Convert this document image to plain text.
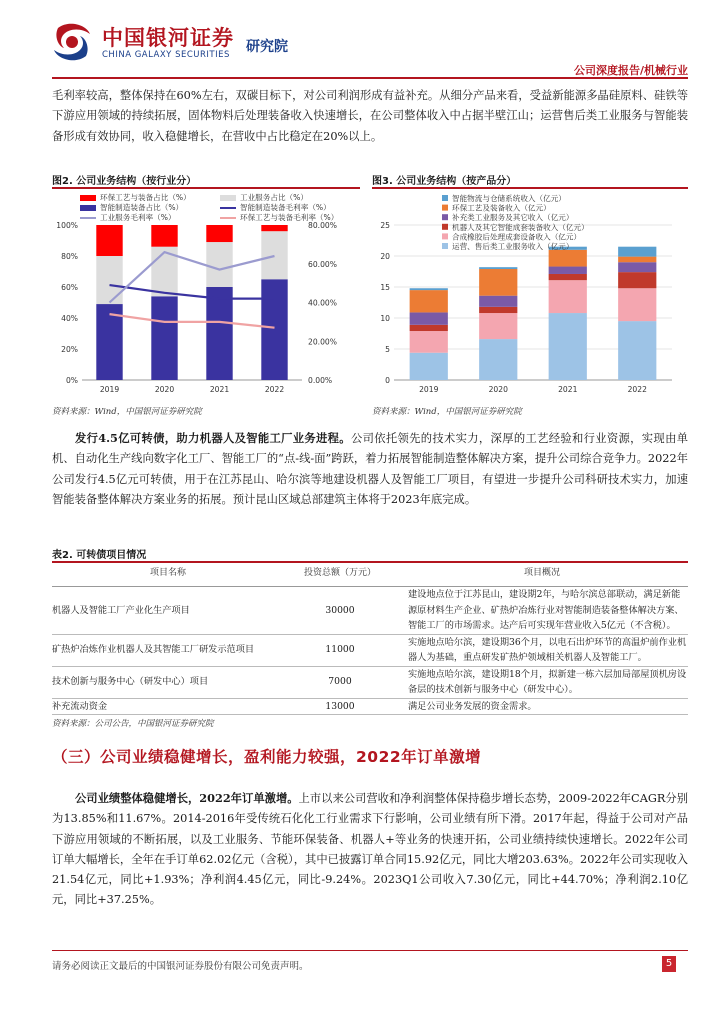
中国银河证券
CHINA GALAXY SECURITIES 研究院
公司深度报告/机械行业
毛利率较高，整体保持在60%左右，双碳目标下，对公司利润形成有益补充。从细分产品来看，受益新能源多晶硅原料、硅铁等下游应用领域的持续拓展，固体物料后处理装备收入快速增长，在公司整体收入中占据半壁江山；运营售后类工业服务与智能装备形成有效协同，收入稳健增长，在营收中占比稳定在20%以上。
图2. 公司业务结构（按行业分）
环保工艺与装备占比（%）	工业服务占比（%）
智能制造装备占比（%）	智能制造装备毛利率（%）
工业服务毛利率（%）	环保工艺与装备毛利率（%）
0%
20%
40%
60%
80%
100%
0.00%
20.00%
40.00%
60.00%
80.00%
2019	2020	2021	2022
资料来源：Wind，中国银河证券研究院
图3. 公司业务结构（按产品分）
0
5
10
15
20
25
2019	2020	2021	2022
智能物流与仓储系统收入（亿元）
环保工艺及装备收入（亿元）
补充类工业服务及其它收入（亿元）
机器人及其它智能成套装备收入（亿元）
合成橡胶后处理成套设备收入（亿元）
运营、售后类工业服务收入（亿元）
资料来源：Wind，中国银河证券研究院
发行4.5亿可转债，助力机器人及智能工厂业务进程。公司依托领先的技术实力，深厚的工艺经验和行业资源，实现由单机、自动化生产线向数字化工厂、智能工厂的“点-线-面”跨跃，着力拓展智能制造整体解决方案，提升公司综合竞争力。2022年公司发行4.5亿元可转债，用于在江苏昆山、哈尔滨等地建设机器人及智能工厂项目，有望进一步提升公司科研技术实力，加速智能装备整体解决方案业务的拓展。预计昆山区域总部建筑主体将于2023年底完成。
表2. 可转债项目情况
项目名称	投资总额（万元）	项目概况
机器人及智能工厂产业化生产项目	30000	建设地点位于江苏昆山，建设期2年，与哈尔滨总部联动，满足新能源原材料生产企业、矿热炉冶炼行业对智能制造装备整体解决方案、智能工厂的市场需求。达产后可实现年营业收入5亿元（不含税）。
矿热炉冶炼作业机器人及其智能工厂研发示范项目	11000	实施地点哈尔滨，建设期36个月，以电石出炉环节的高温炉前作业机器人为基础，重点研发矿热炉领域相关机器人及智能工厂。
技术创新与服务中心（研发中心）项目	7000	实施地点哈尔滨，建设期18个月，拟新建一栋六层加局部屋顶机房设备层的技术创新与服务中心（研发中心）。
补充流动资金	13000	满足公司业务发展的资金需求。
资料来源：公司公告，中国银河证券研究院
（三）公司业绩稳健增长，盈利能力较强，2022年订单激增
公司业绩整体稳健增长，2022年订单激增。上市以来公司营收和净利润整体保持稳步增长态势，2009-2022年CAGR分别为13.85%和11.67%。2014-2016年受传统石化化工行业需求下行影响，公司业绩有所下滑。2017年起，得益于公司对产品下游应用领域的不断拓展，以及工业服务、节能环保装备、机器人+等业务的快速开拓，公司业绩持续快速增长。2022年公司订单大幅增长，全年在手订单62.02亿元（含税），其中已披露订单合同15.92亿元，同比大增203.63%。2022年公司实现收入21.54亿元，同比+1.93%；净利润4.45亿元，同比-9.24%。2023Q1公司收入7.30亿元，同比+44.70%；净利润2.10亿元，同比+37.25%。
请务必阅读正文最后的中国银河证券股份有限公司免责声明。	5
